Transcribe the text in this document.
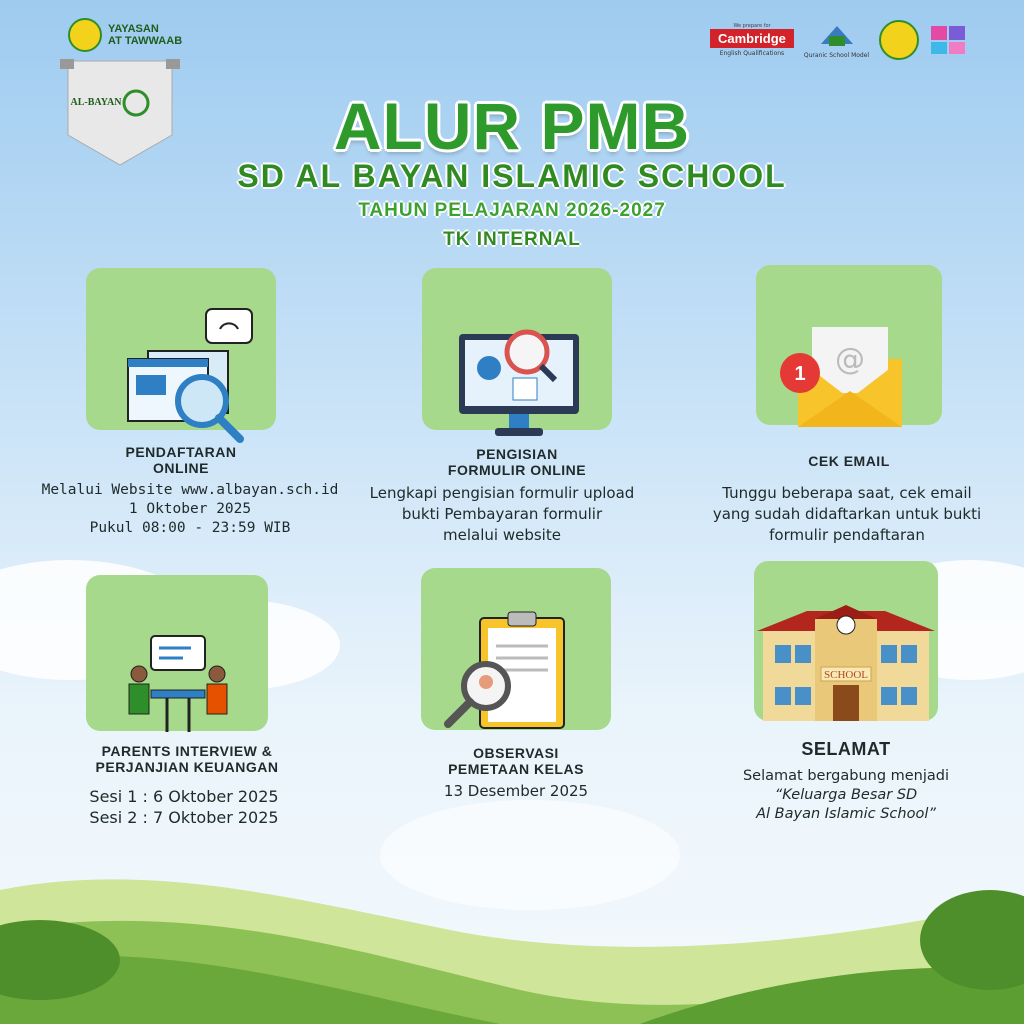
YAYASAN
AT TAWWAAB
AL-BAYAN
We prepare for
Cambridge
English Qualifications	Quranic School Model
ALUR PMB
SD AL BAYAN ISLAMIC SCHOOL
TAHUN PELAJARAN 2026-2027
TK INTERNAL
PENDAFTARAN
ONLINE
Melalui Website www.albayan.sch.id
1 Oktober 2025
Pukul 08:00 - 23:59 WIB
PENGISIAN
FORMULIR ONLINE
Lengkapi pengisian formulir upload
bukti Pembayaran formulir
melalui website
@
1
CEK EMAIL
Tunggu beberapa saat, cek email
yang sudah didaftarkan untuk bukti
formulir pendaftaran
PARENTS INTERVIEW &
PERJANJIAN KEUANGAN
Sesi 1 : 6 Oktober 2025
Sesi 2 : 7 Oktober 2025
OBSERVASI
PEMETAAN KELAS
13 Desember 2025
SCHOOL
SELAMAT
Selamat bergabung menjadi
“Keluarga Besar SD
Al Bayan Islamic School”
